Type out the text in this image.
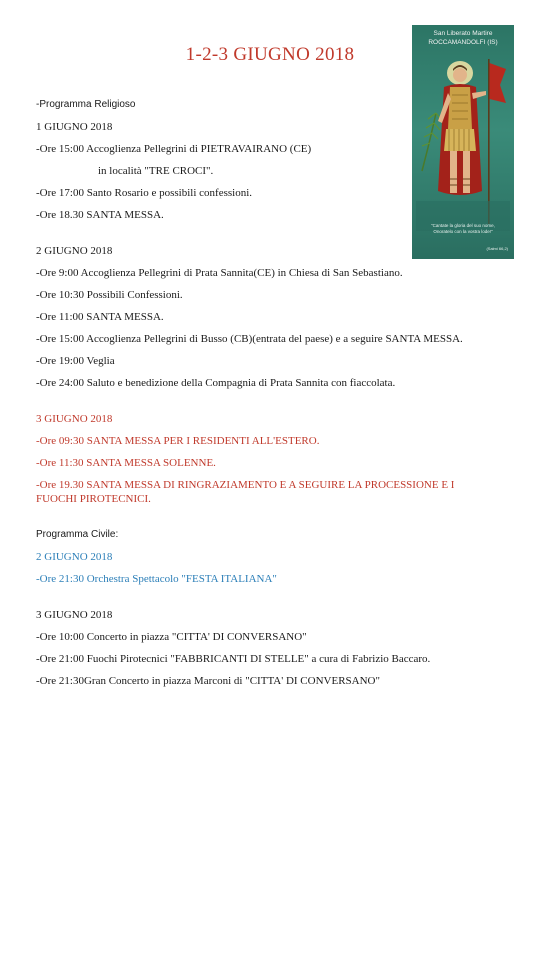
1-2-3 GIUGNO 2018
San Liberato Martire
ROCCAMANDOLFI (IS)
"Cantate la gloria del suo nome,
Onoratelo con la vostra lode!"
(Salmi 66,2)
-Programma Religioso
1 GIUGNO 2018
-Ore 15:00 Accoglienza Pellegrini di PIETRAVAIRANO (CE)
in località "TRE CROCI".
-Ore 17:00 Santo Rosario e possibili confessioni.
-Ore 18.30 SANTA MESSA.
2 GIUGNO 2018
-Ore 9:00 Accoglienza Pellegrini di Prata Sannita(CE) in Chiesa di San Sebastiano.
-Ore 10:30 Possibili Confessioni.
-Ore 11:00 SANTA MESSA.
-Ore 15:00 Accoglienza Pellegrini di Busso (CB)(entrata del paese) e a seguire SANTA MESSA.
-Ore 19:00 Veglia
-Ore 24:00 Saluto e benedizione della Compagnia di Prata Sannita con fiaccolata.
3 GIUGNO 2018
-Ore 09:30 SANTA MESSA PER I RESIDENTI ALL'ESTERO.
-Ore 11:30 SANTA MESSA SOLENNE.
-Ore 19.30 SANTA MESSA DI RINGRAZIAMENTO E A SEGUIRE LA PROCESSIONE E I FUOCHI PIROTECNICI.
Programma Civile:
2 GIUGNO 2018
-Ore 21:30 Orchestra Spettacolo "FESTA ITALIANA"
3 GIUGNO 2018
-Ore 10:00 Concerto in piazza "CITTA' DI CONVERSANO"
-Ore 21:00 Fuochi Pirotecnici "FABBRICANTI DI STELLE" a cura di Fabrizio Baccaro.
-Ore 21:30Gran Concerto in piazza Marconi di "CITTA' DI CONVERSANO"
